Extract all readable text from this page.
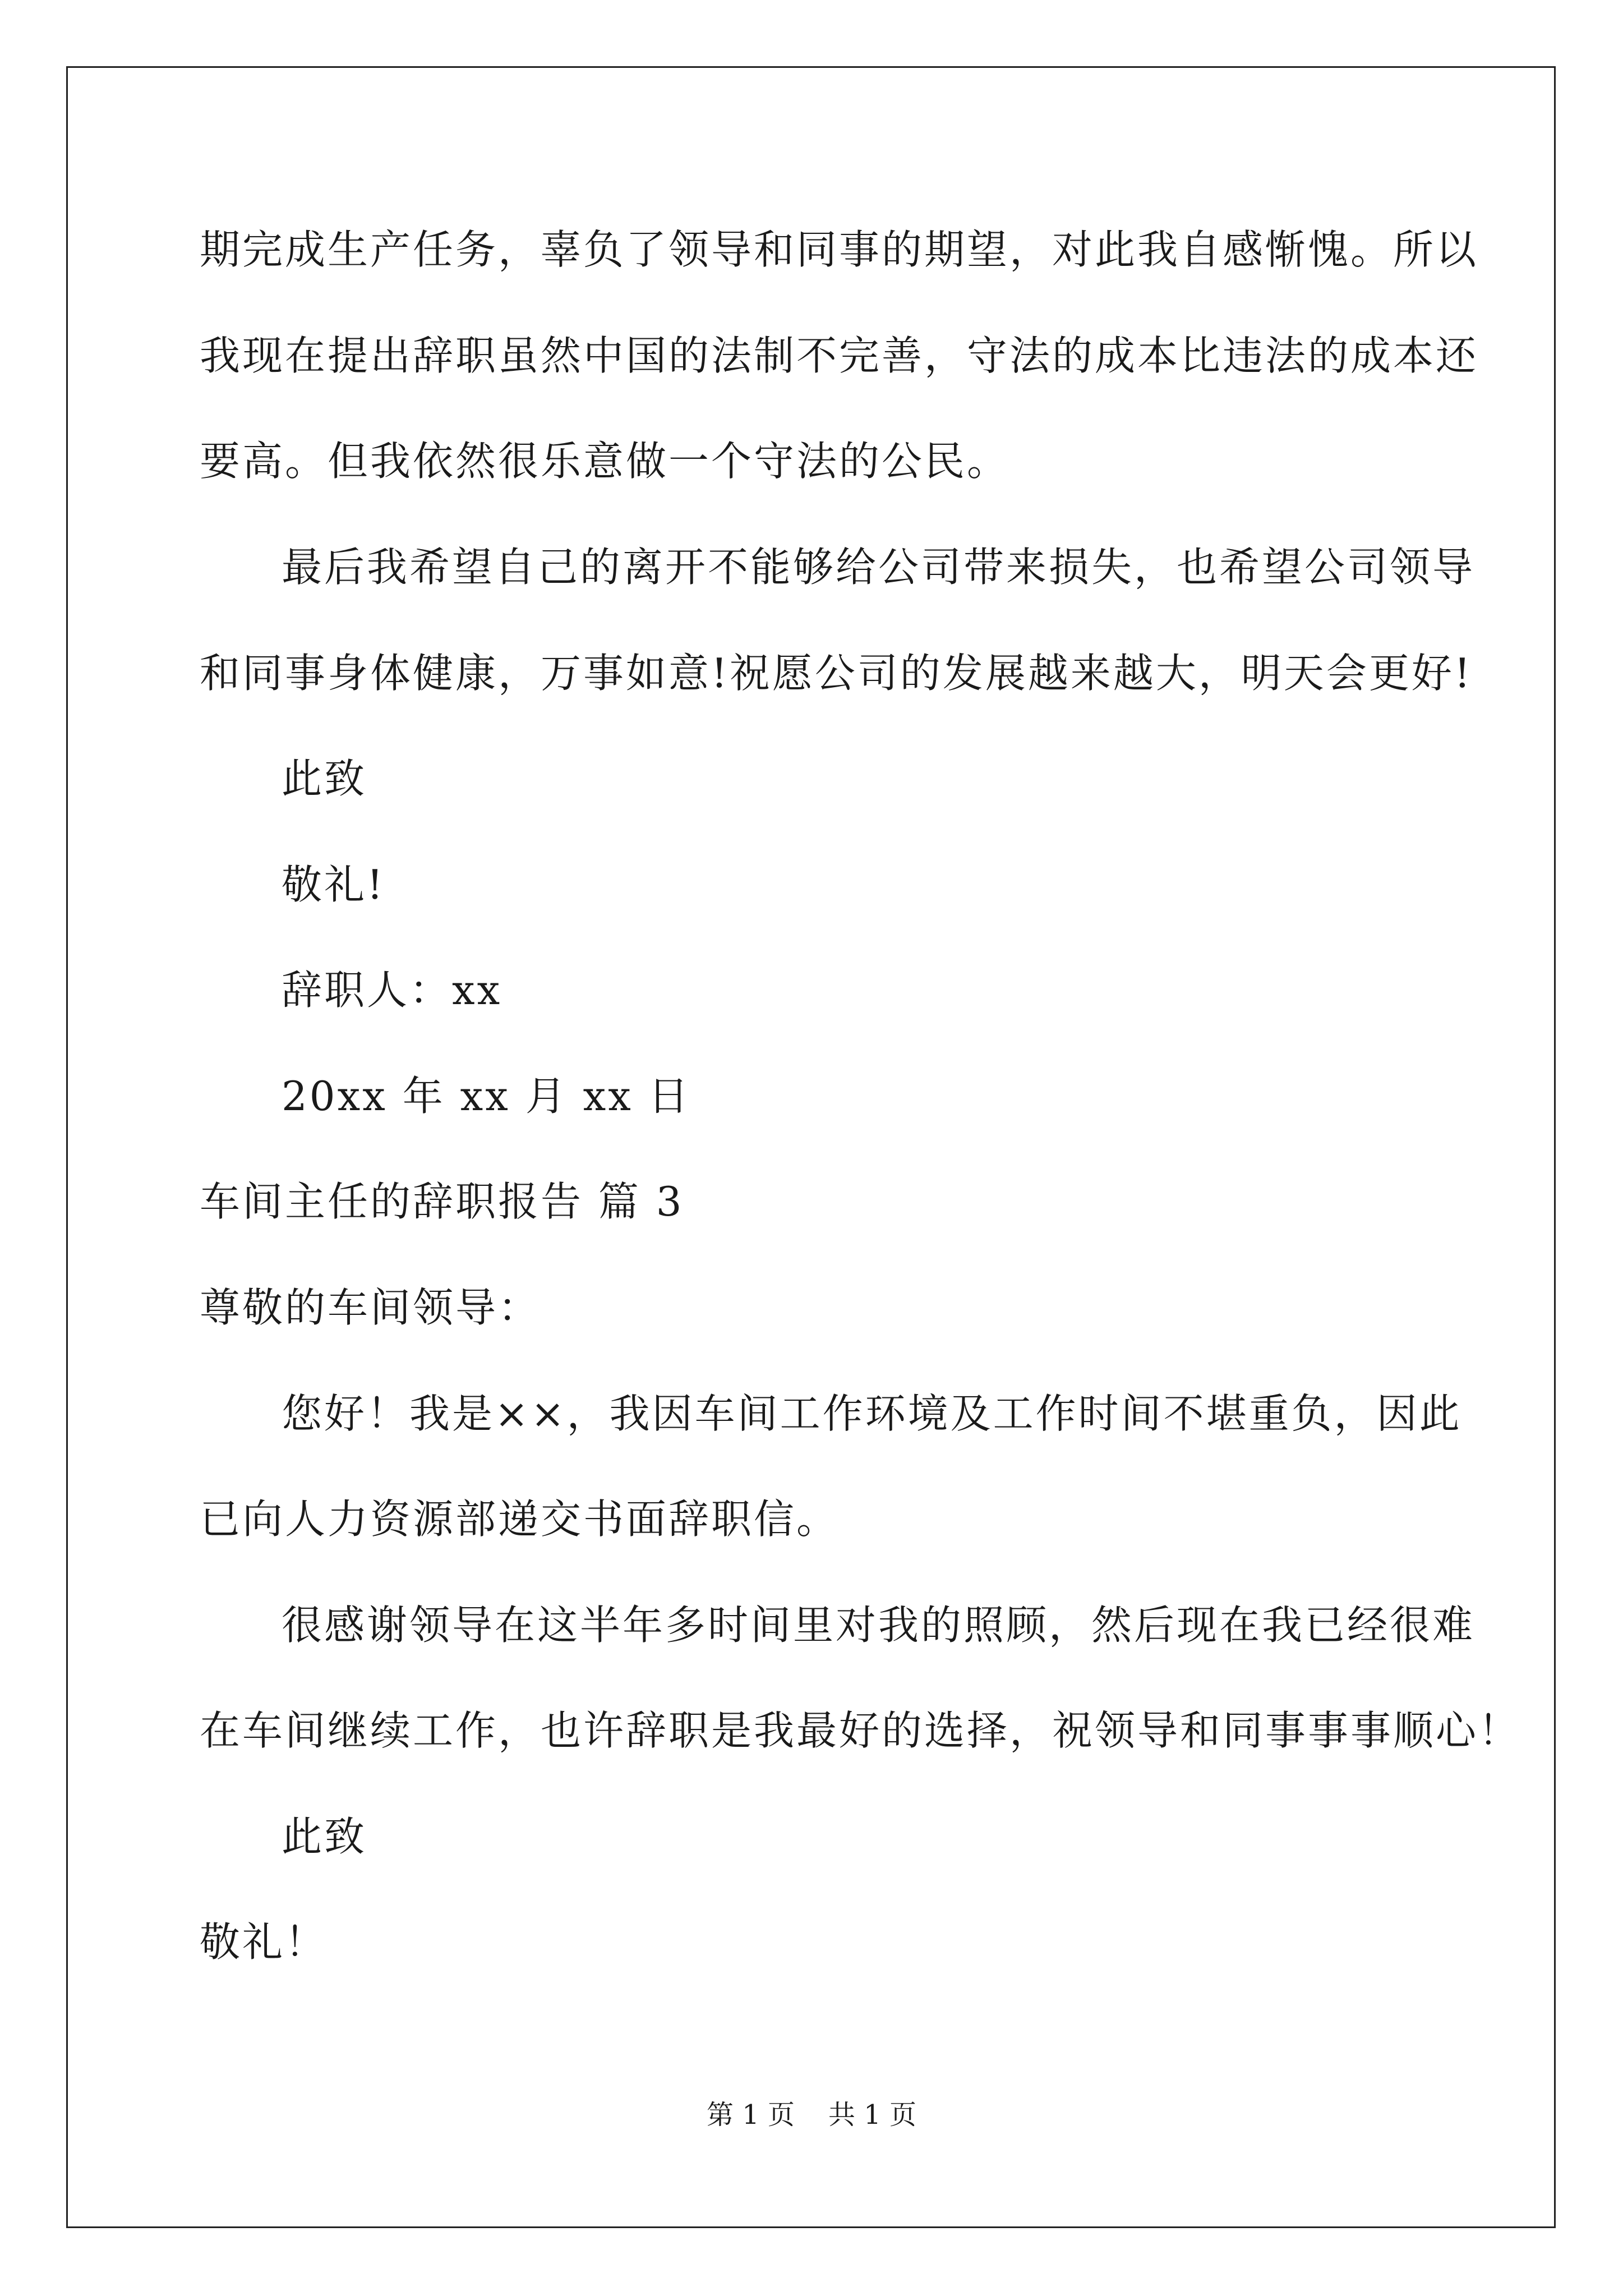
期完成生产任务，辜负了领导和同事的期望，对此我自感惭愧。所以
我现在提出辞职虽然中国的法制不完善，守法的成本比违法的成本还
要高。但我依然很乐意做一个守法的公民。
最后我希望自己的离开不能够给公司带来损失，也希望公司领导
和同事身体健康，万事如意!祝愿公司的发展越来越大，明天会更好!
此致
敬礼!
辞职人：xx
20xx 年 xx 月 xx 日
车间主任的辞职报告 篇 3
尊敬的车间领导：
您好！我是××，我因车间工作环境及工作时间不堪重负，因此
已向人力资源部递交书面辞职信。
很感谢领导在这半年多时间里对我的照顾，然后现在我已经很难
在车间继续工作，也许辞职是我最好的选择，祝领导和同事事事顺心！
此致
敬礼！
第 1 页 共 1 页
